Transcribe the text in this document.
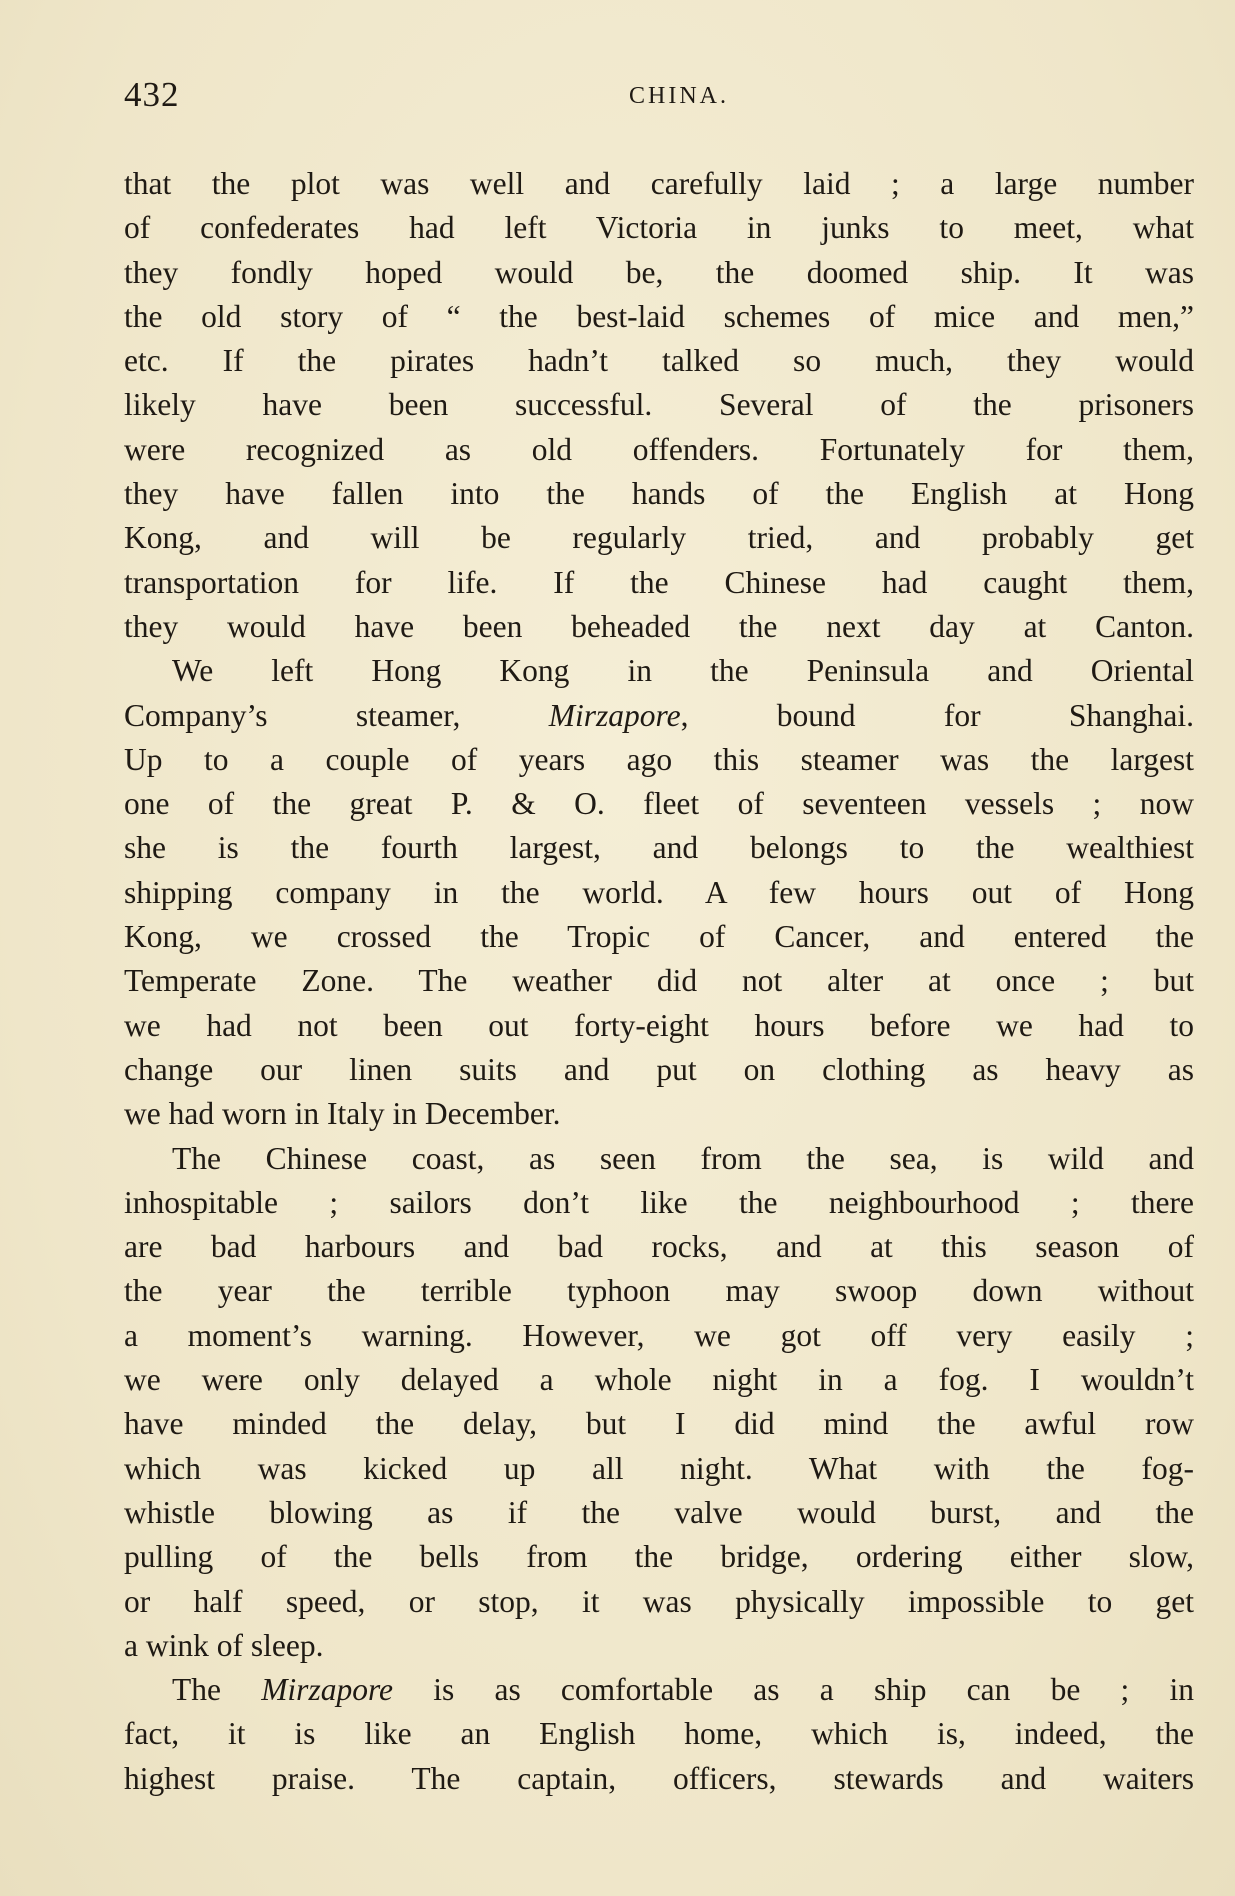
432	CHINA.
that the plot was well and carefully laid ; a large number
of confederates had left Victoria in junks to meet, what
they fondly hoped would be, the doomed ship. It was
the old story of “ the best-laid schemes of mice and men,”
etc. If the pirates hadn’t talked so much, they would
likely have been successful. Several of the prisoners
were recognized as old offenders. Fortunately for them,
they have fallen into the hands of the English at Hong
Kong, and will be regularly tried, and probably get
transportation for life. If the Chinese had caught them,
they would have been beheaded the next day at Canton.
We left Hong Kong in the Peninsula and Oriental
Company’s steamer, Mirzapore, bound for Shanghai.
Up to a couple of years ago this steamer was the largest
one of the great P. & O. fleet of seventeen vessels ; now
she is the fourth largest, and belongs to the wealthiest
shipping company in the world. A few hours out of Hong
Kong, we crossed the Tropic of Cancer, and entered the
Temperate Zone. The weather did not alter at once ; but
we had not been out forty-eight hours before we had to
change our linen suits and put on clothing as heavy as
we had worn in Italy in December.
The Chinese coast, as seen from the sea, is wild and
inhospitable ; sailors don’t like the neighbourhood ; there
are bad harbours and bad rocks, and at this season of
the year the terrible typhoon may swoop down without
a moment’s warning. However, we got off very easily ;
we were only delayed a whole night in a fog. I wouldn’t
have minded the delay, but I did mind the awful row
which was kicked up all night. What with the fog-
whistle blowing as if the valve would burst, and the
pulling of the bells from the bridge, ordering either slow,
or half speed, or stop, it was physically impossible to get
a wink of sleep.
The Mirzapore is as comfortable as a ship can be ; in
fact, it is like an English home, which is, indeed, the
highest praise. The captain, officers, stewards and waiters
